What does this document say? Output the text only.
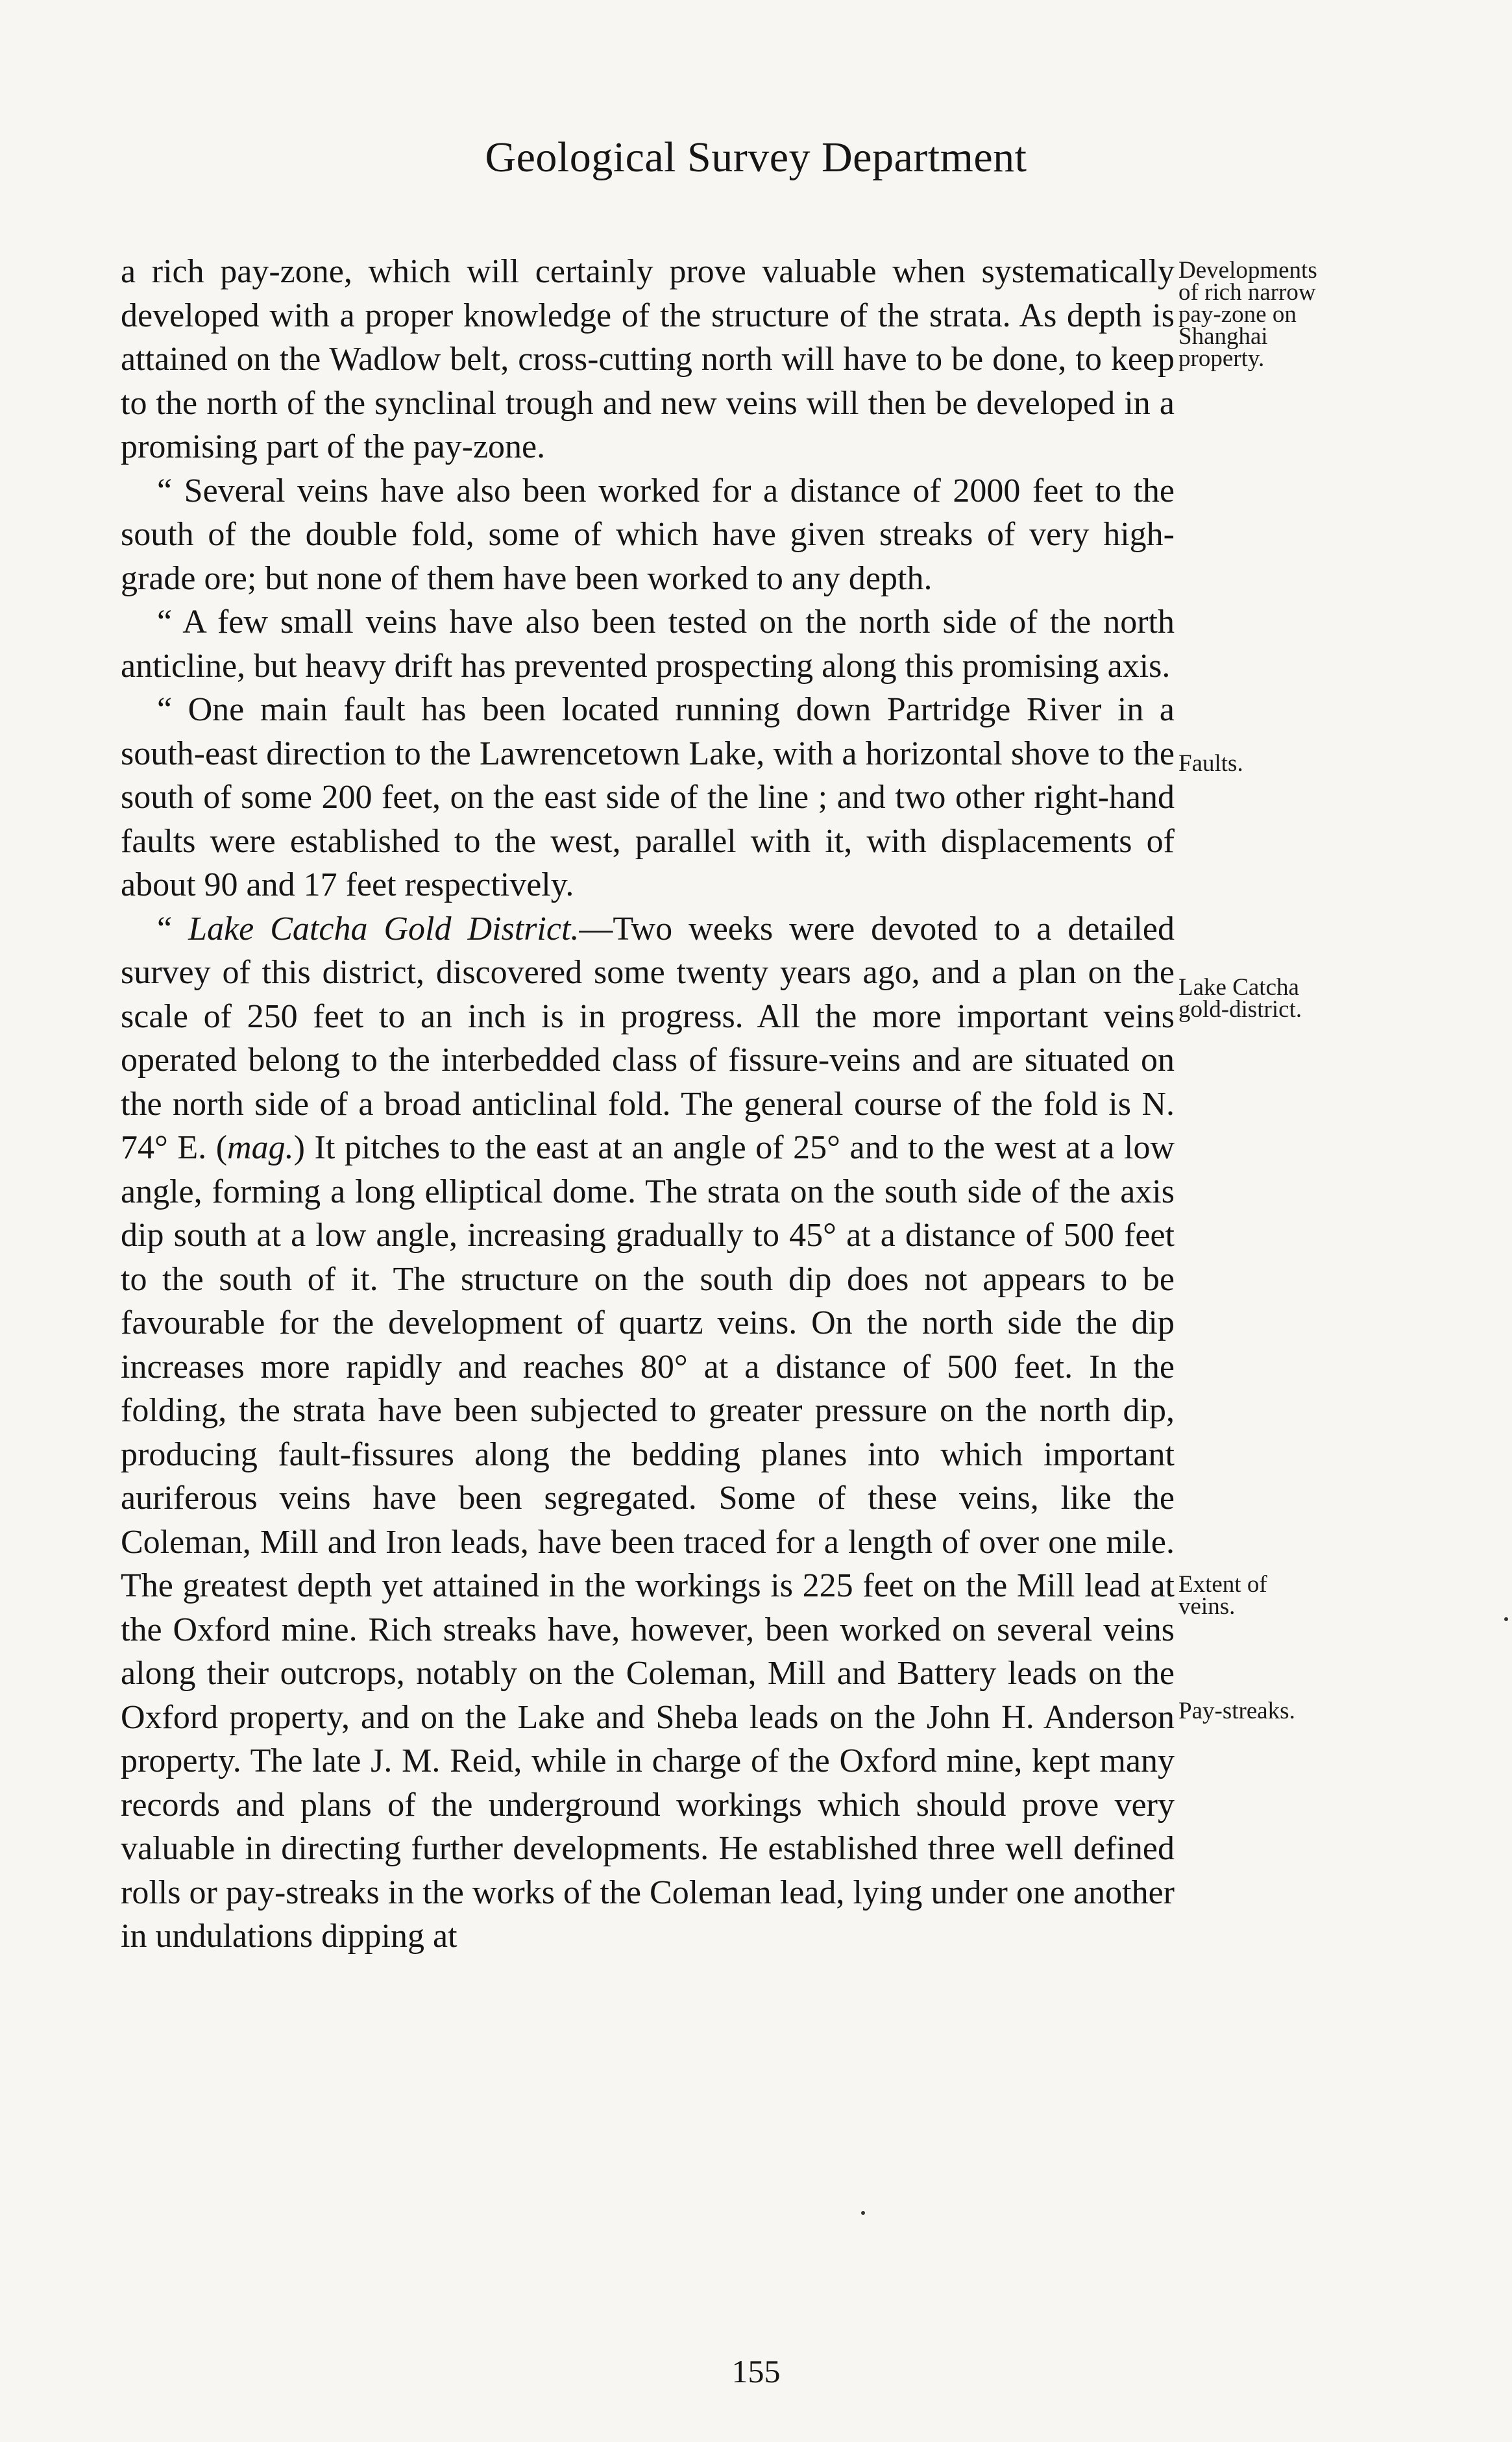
Geological Survey Department

a rich pay-zone, which will certainly prove valuable when systematically developed with a proper knowledge of the structure of the strata. As depth is attained on the Wadlow belt, cross-cutting north will have to be done, to keep to the north of the synclinal trough and new veins will then be developed in a promising part of the pay-zone.

“ Several veins have also been worked for a distance of 2000 feet to the south of the double fold, some of which have given streaks of very high-grade ore; but none of them have been worked to any depth.

“ A few small veins have also been tested on the north side of the north anticline, but heavy drift has prevented prospecting along this promising axis.

“ One main fault has been located running down Partridge River in a south-east direction to the Lawrencetown Lake, with a horizontal shove to the south of some 200 feet, on the east side of the line ; and two other right-hand faults were established to the west, parallel with it, with displacements of about 90 and 17 feet respectively.

“ Lake Catcha Gold District.—Two weeks were devoted to a detailed survey of this district, discovered some twenty years ago, and a plan on the scale of 250 feet to an inch is in progress. All the more important veins operated belong to the interbedded class of fissure-veins and are situated on the north side of a broad anticlinal fold. The general course of the fold is N. 74° E. (mag.) It pitches to the east at an angle of 25° and to the west at a low angle, forming a long elliptical dome. The strata on the south side of the axis dip south at a low angle, increasing gradually to 45° at a distance of 500 feet to the south of it. The structure on the south dip does not appears to be favourable for the development of quartz veins. On the north side the dip increases more rapidly and reaches 80° at a distance of 500 feet. In the folding, the strata have been subjected to greater pressure on the north dip, producing fault-fissures along the bedding planes into which important auriferous veins have been segregated. Some of these veins, like the Coleman, Mill and Iron leads, have been traced for a length of over one mile. The greatest depth yet attained in the workings is 225 feet on the Mill lead at the Oxford mine. Rich streaks have, however, been worked on several veins along their outcrops, notably on the Coleman, Mill and Battery leads on the Oxford property, and on the Lake and Sheba leads on the John H. Anderson property. The late J. M. Reid, while in charge of the Oxford mine, kept many records and plans of the underground workings which should prove very valuable in directing further developments. He established three well defined rolls or pay-streaks in the works of the Coleman lead, lying under one another in undulations dipping at

Developments
of rich narrow
pay-zone on
Shanghai
property.
Faults.
Lake Catcha
gold-district.
Extent of
veins.
Pay-streaks.
155
